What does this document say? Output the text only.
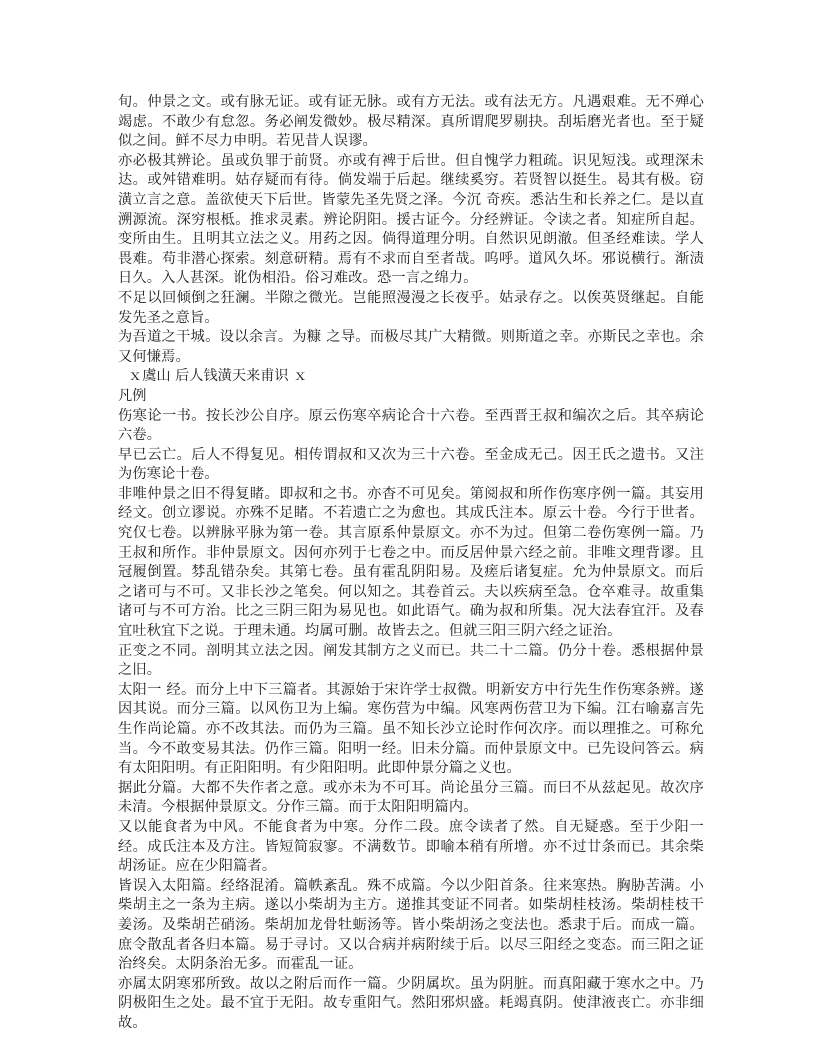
旬。仲景之文。或有脉无证。或有证无脉。或有方无法。或有法无方。凡遇艰难。无不殚心竭虑。不敢少有怠忽。务必阐发微妙。极尽精深。真所谓爬罗剔抉。刮垢磨光者也。至于疑似之间。鲜不尽力申明。若见昔人误谬。

亦必极其辨论。虽或负罪于前贤。亦或有裨于后世。但自愧学力粗疏。识见短浅。或理深未达。或舛错难明。姑存疑而有待。倘发端于后起。继续奚穷。若贤智以挺生。曷其有极。窃潢立言之意。盖欲使天下后世。皆蒙先圣先贤之泽。今沉 奇疾。悉沾生和长养之仁。是以直溯源流。深穷根柢。推求灵素。辨论阴阳。援古证今。分经辨证。令读之者。知症所自起。变所由生。且明其立法之义。用药之因。倘得道理分明。自然识见朗澈。但圣经难读。学人畏难。苟非潜心探索。刻意研精。焉有不求而自至者哉。呜呼。道风久坏。邪说横行。渐渍日久。入人甚深。讹伪相沿。俗习难改。恐一言之绵力。

不足以回倾倒之狂澜。半隙之微光。岂能照漫漫之长夜乎。姑录存之。以俟英贤继起。自能发先圣之意旨。

为吾道之干城。设以余言。为糠 之导。而极尽其广大精微。则斯道之幸。亦斯民之幸也。余又何慊焉。

ｘ虞山 后人钱潢天来甫识 ｘ

凡例

伤寒论一书。按长沙公自序。原云伤寒卒病论合十六卷。至西晋王叔和编次之后。其卒病论六卷。

早已云亡。后人不得复见。相传谓叔和又次为三十六卷。至金成无己。因王氏之遗书。又注为伤寒论十卷。

非唯仲景之旧不得复睹。即叔和之书。亦杳不可见矣。第阅叔和所作伤寒序例一篇。其妄用经文。创立谬说。亦殊不足睹。不若遗亡之为愈也。其成氏注本。原云十卷。今行于世者。究仅七卷。以辨脉平脉为第一卷。其言原系仲景原文。亦不为过。但第二卷伤寒例一篇。乃王叔和所作。非仲景原文。因何亦列于七卷之中。而反居仲景六经之前。非唯文理背谬。且冠履倒置。棼乱错杂矣。其第七卷。虽有霍乱阴阳易。及瘥后诸复症。允为仲景原文。而后之诸可与不可。又非长沙之笔矣。何以知之。其卷首云。夫以疾病至急。仓卒难寻。故重集诸可与不可方治。比之三阴三阳为易见也。如此语气。确为叔和所集。况大法春宜汗。及春宜吐秋宜下之说。于理未通。均属可删。故皆去之。但就三阳三阴六经之证治。

正变之不同。剖明其立法之因。阐发其制方之义而已。共二十二篇。仍分十卷。悉根据仲景之旧。

太阳一 经。而分上中下三篇者。其源始于宋许学士叔微。明新安方中行先生作伤寒条辨。遂因其说。而分三篇。以风伤卫为上编。寒伤营为中编。风寒两伤营卫为下编。江右喻嘉言先生作尚论篇。亦不改其法。而仍为三篇。虽不知长沙立论时作何次序。而以理推之。可称允当。今不敢变易其法。仍作三篇。阳明一经。旧未分篇。而仲景原文中。已先设问答云。病有太阳阳明。有正阳阳明。有少阳阳明。此即仲景分篇之义也。

据此分篇。大都不失作者之意。或亦未为不可耳。尚论虽分三篇。而曰不从兹起见。故次序未清。今根据仲景原文。分作三篇。而于太阳阳明篇内。

又以能食者为中风。不能食者为中寒。分作二段。庶令读者了然。自无疑惑。至于少阳一经。成氏注本及方注。皆短简寂寥。不满数节。即喻本稍有所增。亦不过廿条而已。其余柴胡汤证。应在少阳篇者。

皆误入太阳篇。经络混淆。篇帙紊乱。殊不成篇。今以少阳首条。往来寒热。胸胁苦满。小柴胡主之一条为主病。遂以小柴胡为主方。递推其变证不同者。如柴胡桂枝汤。柴胡桂枝干姜汤。及柴胡芒硝汤。柴胡加龙骨牡蛎汤等。皆小柴胡汤之变法也。悉隶于后。而成一篇。庶令散乱者各归本篇。易于寻讨。又以合病并病附续于后。以尽三阳经之变态。而三阳之证治终矣。太阴条治无多。而霍乱一证。

亦属太阴寒邪所致。故以之附后而作一篇。少阴属坎。虽为阴脏。而真阳藏于寒水之中。乃阴极阳生之处。最不宜于无阳。故专重阳气。然阳邪炽盛。耗竭真阴。使津液丧亡。亦非细故。
